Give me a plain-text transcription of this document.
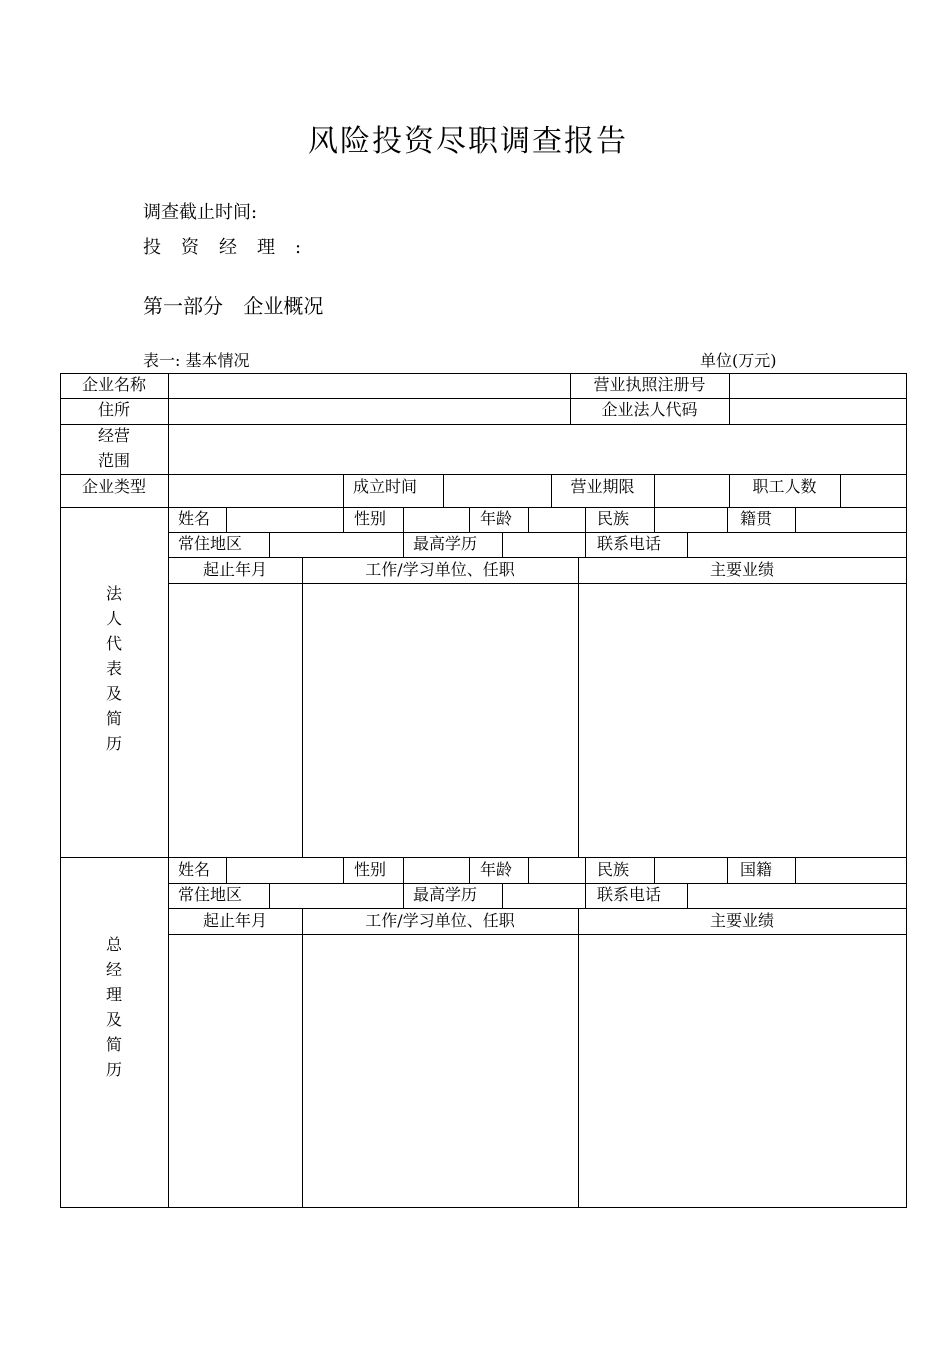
风险投资尽职调查报告
调查截止时间:
投资经理:
第一部分 企业概况
表一: 基本情况	单位(万元)
企业名称	营业执照注册号
住所	企业法人代码
经营
范围
企业类型	成立时间	营业期限	职工人数
姓名	性别	年龄	民族	籍贯
常住地区	最高学历	联系电话
起止年月	工作/学习单位、任职	主要业绩
法
人
代
表
及
简
历
姓名	性别	年龄	民族	国籍
常住地区	最高学历	联系电话
起止年月	工作/学习单位、任职	主要业绩
总
经
理
及
简
历
